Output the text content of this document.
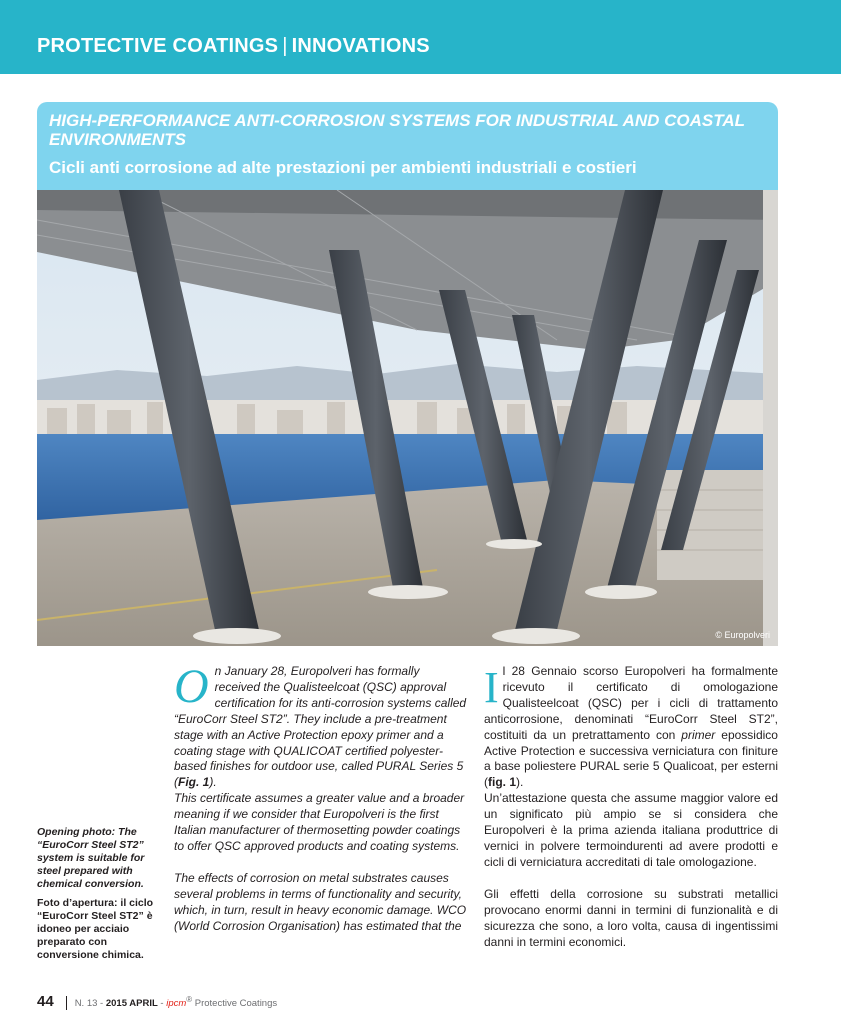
PROTECTIVE COATINGS | INNOVATIONS
HIGH-PERFORMANCE ANTI-CORROSION SYSTEMS FOR INDUSTRIAL AND COASTAL ENVIRONMENTS
Cicli anti corrosione ad alte prestazioni per ambienti industriali e costieri
© Europolveri
Opening photo: The “EuroCorr Steel ST2” system is suitable for steel prepared with chemical conversion.
Foto d’apertura: il ciclo “EuroCorr Steel ST2” è idoneo per acciaio preparato con conversione chimica.

On January 28, Europolveri has formally received the Qualisteelcoat (QSC) approval certification for its anti-corrosion systems called “EuroCorr Steel ST2”. They include a pre-treatment stage with an Active Protection epoxy primer and a coating stage with QUALICOAT certified polyester-based finishes for outdoor use, called PURAL Series 5 (Fig. 1).

This certificate assumes a greater value and a broader meaning if we consider that Europolveri is the first Italian manufacturer of thermosetting powder coatings to offer QSC approved products and coating systems.

The effects of corrosion on metal substrates causes several problems in terms of functionality and security, which, in turn, result in heavy economic damage. WCO (World Corrosion Organisation) has estimated that the

Il 28 Gennaio scorso Europolveri ha formalmente ricevuto il certificato di omologazione Qualisteelcoat (QSC) per i cicli di trattamento anticorrosione, denominati “EuroCorr Steel ST2”, costituiti da un pretrattamento con primer epossidico Active Protection e successiva verniciatura con finiture a base poliestere PURAL serie 5 Qualicoat, per esterni (fig. 1).

Un’attestazione questa che assume maggior valore ed un significato più ampio se si considera che Europolveri è la prima azienda italiana produttrice di vernici in polvere termoindurenti ad avere prodotti e cicli di verniciatura accreditati di tale omologazione.

Gli effetti della corrosione su substrati metallici provocano enormi danni in termini di funzionalità e di sicurezza che sono, a loro volta, causa di ingentissimi danni in termini economici.

44 N. 13 - 2015 APRIL - ipcm® Protective Coatings
